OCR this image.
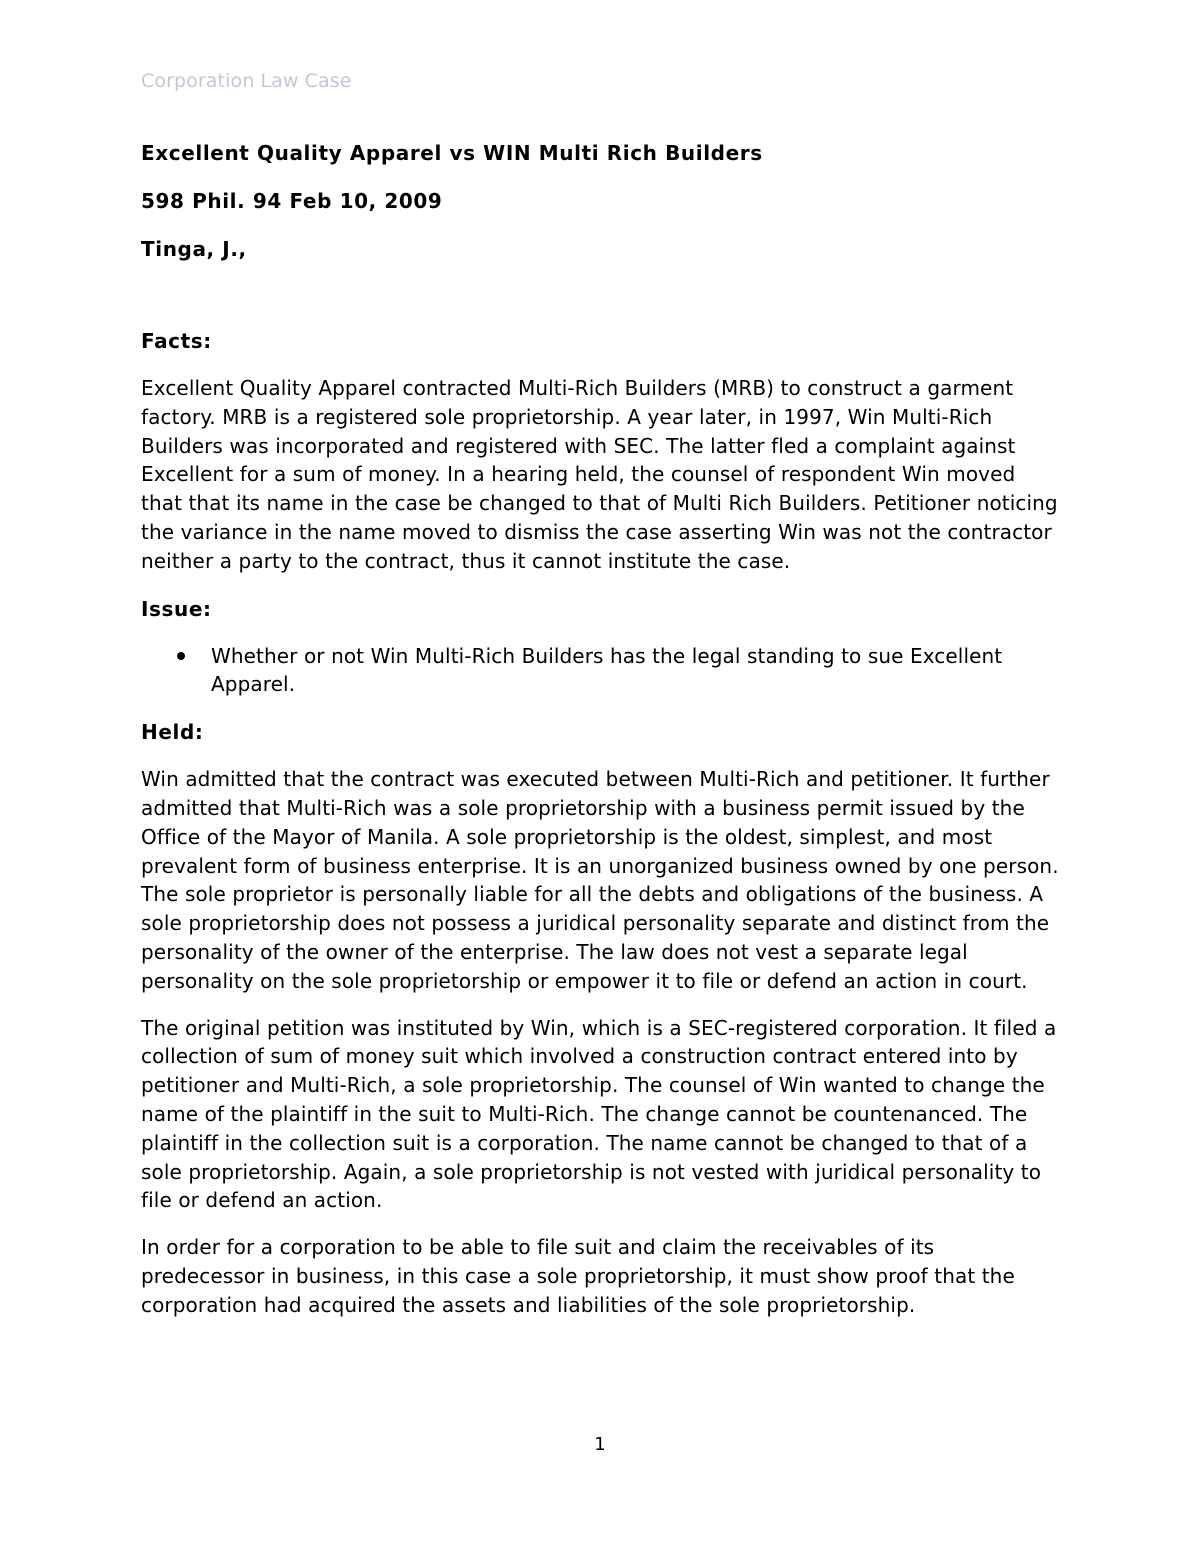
Corporation Law Case
Excellent Quality Apparel vs WIN Multi Rich Builders
598 Phil. 94 Feb 10, 2009
Tinga, J.,
Facts:

Excellent Quality Apparel contracted Multi-Rich Builders (MRB) to construct a garment factory. MRB is a registered sole proprietorship. A year later, in 1997, Win Multi-Rich Builders was incorporated and registered with SEC. The latter fled a complaint against Excellent for a sum of money. In a hearing held, the counsel of respondent Win moved that that its name in the case be changed to that of Multi Rich Builders. Petitioner noticing the variance in the name moved to dismiss the case asserting Win was not the contractor neither a party to the contract, thus it cannot institute the case.

Issue:
Whether or not Win Multi-Rich Builders has the legal standing to sue Excellent Apparel.
Held:

Win admitted that the contract was executed between Multi-Rich and petitioner. It further admitted that Multi-Rich was a sole proprietorship with a business permit issued by the Office of the Mayor of Manila. A sole proprietorship is the oldest, simplest, and most prevalent form of business enterprise. It is an unorganized business owned by one person. The sole proprietor is personally liable for all the debts and obligations of the business. A sole proprietorship does not possess a juridical personality separate and distinct from the personality of the owner of the enterprise. The law does not vest a separate legal personality on the sole proprietorship or empower it to file or defend an action in court.

The original petition was instituted by Win, which is a SEC-registered corporation. It filed a collection of sum of money suit which involved a construction contract entered into by petitioner and Multi-Rich, a sole proprietorship. The counsel of Win wanted to change the name of the plaintiff in the suit to Multi-Rich. The change cannot be countenanced. The plaintiff in the collection suit is a corporation. The name cannot be changed to that of a sole proprietorship. Again, a sole proprietorship is not vested with juridical personality to file or defend an action.

In order for a corporation to be able to file suit and claim the receivables of its predecessor in business, in this case a sole proprietorship, it must show proof that the corporation had acquired the assets and liabilities of the sole proprietorship.

1
